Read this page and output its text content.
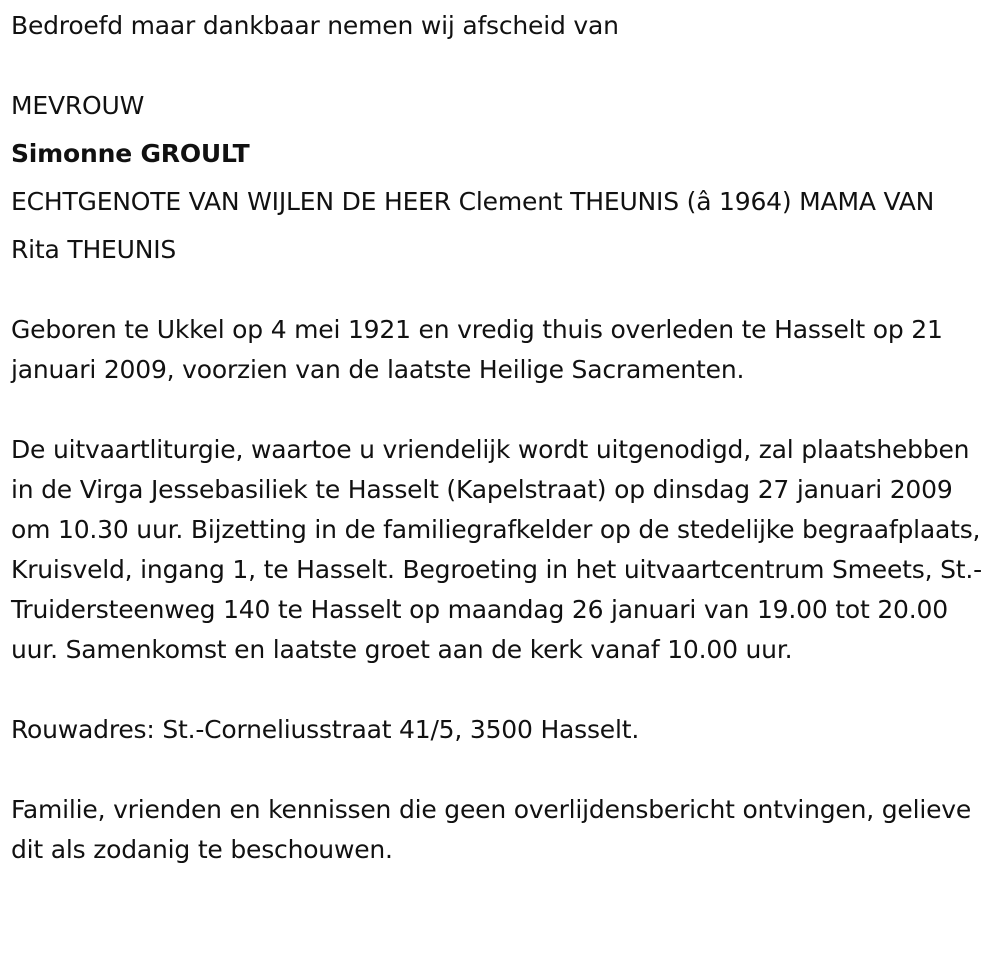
Bedroefd maar dankbaar nemen wij afscheid van

MEVROUW

Simonne GROULT

ECHTGENOTE VAN WIJLEN DE HEER Clement THEUNIS (â 1964) MAMA VAN

Rita THEUNIS

Geboren te Ukkel op 4 mei 1921 en vredig thuis overleden te Hasselt op 21 januari 2009, voorzien van de laatste Heilige Sacramenten.

De uitvaartliturgie, waartoe u vriendelijk wordt uitgenodigd, zal plaatshebben in de Virga Jessebasiliek te Hasselt (Kapelstraat) op dinsdag 27 januari 2009 om 10.30 uur. Bijzetting in de familiegrafkelder op de stedelijke begraafplaats, Kruisveld, ingang 1, te Hasselt. Begroeting in het uitvaartcentrum Smeets, St.-Truidersteenweg 140 te Hasselt op maandag 26 januari van 19.00 tot 20.00 uur. Samenkomst en laatste groet aan de kerk vanaf 10.00 uur.

Rouwadres: St.-Corneliusstraat 41/5, 3500 Hasselt.

Familie, vrienden en kennissen die geen overlijdensbericht ontvingen, gelieve dit als zodanig te beschouwen.
